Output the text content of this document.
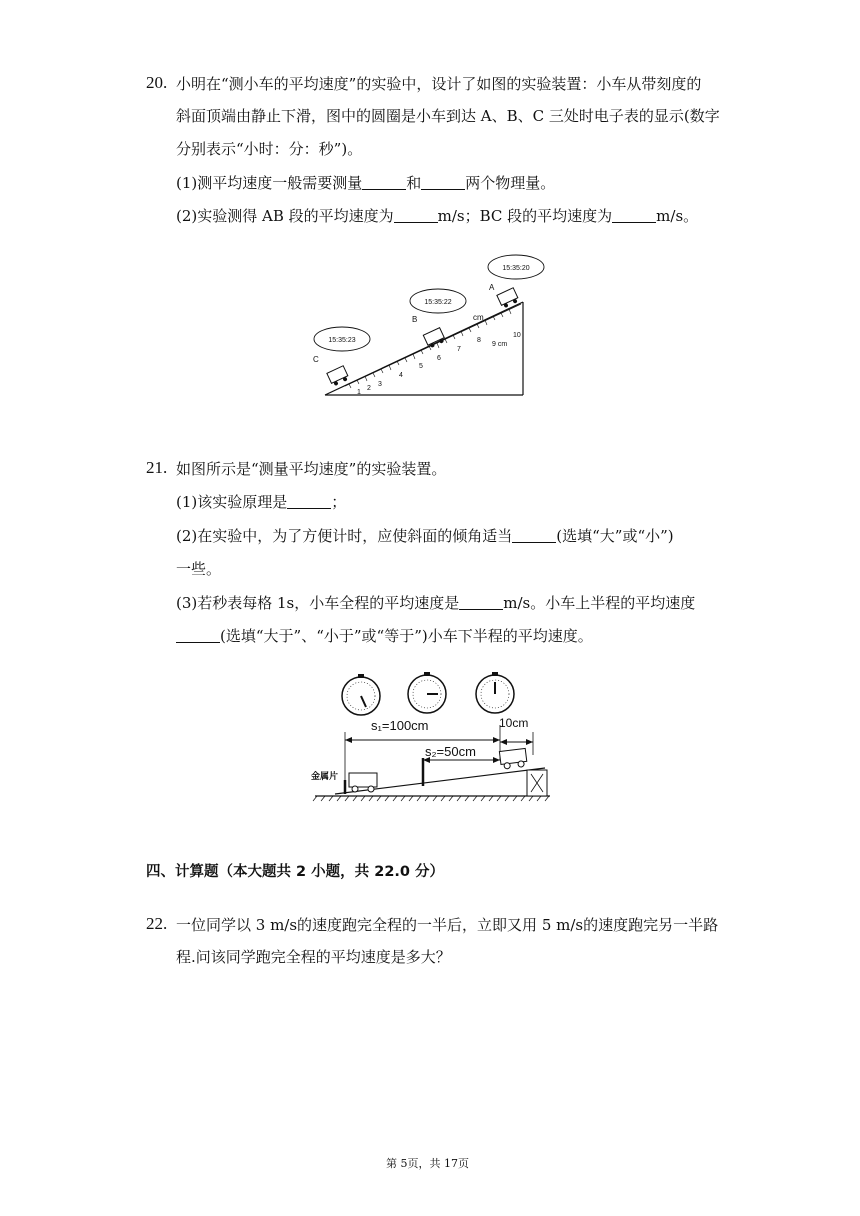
20. 小明在“测小车的平均速度”的实验中，设计了如图的实验装置：小车从带刻度的
斜面顶端由静止下滑，图中的圆圈是小车到达 A、B、C 三处时电子表的显示(数字
分别表示“小时：分：秒”)。
(1)测平均速度一般需要测量	和	两个物理量。
(2)实验测得 AB 段的平均速度为	m/s；BC 段的平均速度为	m/s。
1
2
3
4
5
6
7
8
10
9 cm
cm
A
B
C
15:35:20
15:35:22
15:35:23
21. 如图所示是“测量平均速度”的实验装置。
(1)该实验原理是	；
(2)在实验中，为了方便计时，应使斜面的倾角适当	(选填“大”或“小”)
一些。
(3)若秒表每格 1s，小车全程的平均速度是	m/s。小车上半程的平均速度
(选填“大于”、“小于”或“等于”)小车下半程的平均速度。
s₁=100cm
s₂=50cm
10cm
金属片
四、计算题（本大题共 2 小题，共 22.0 分）
22. 一位同学以 3 m/s的速度跑完全程的一半后，立即又用 5 m/s的速度跑完另一半路
程.问该同学跑完全程的平均速度是多大？
第 5页，共 17页
